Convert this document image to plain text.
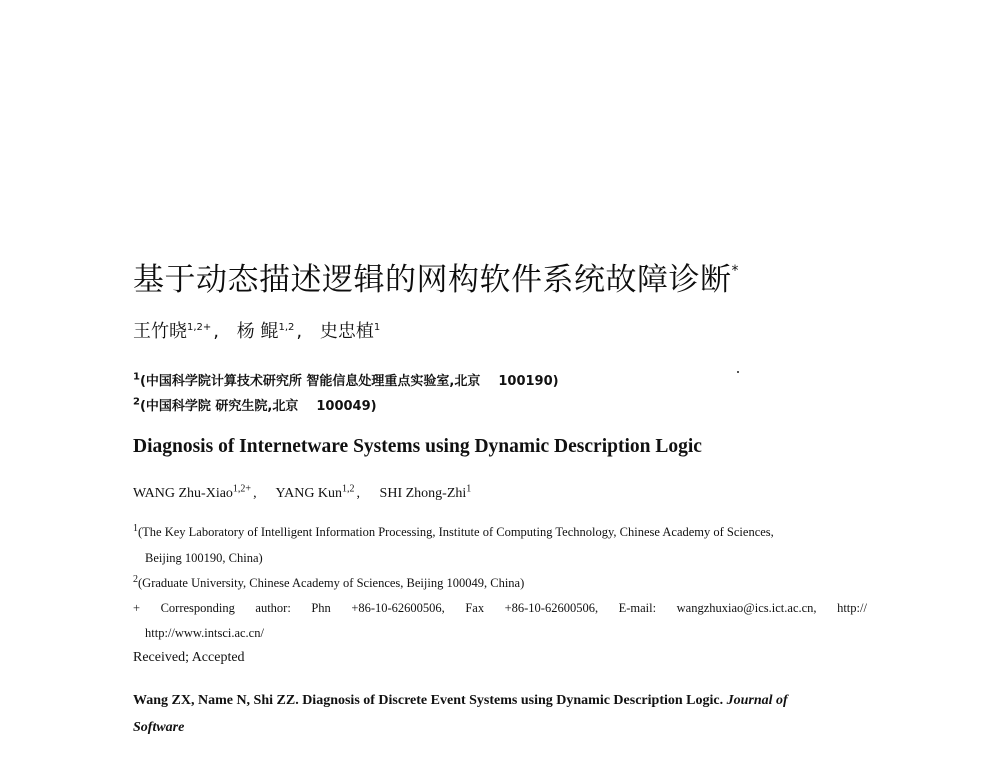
基于动态描述逻辑的网构软件系统故障诊断*
王竹晓$^{1,2+}$ , 杨 鲲$^{1,2}$ , 史忠植$^1$
$^1$(中国科学院计算技术研究所 智能信息处理重点实验室,北京 100190)
$^2$(中国科学院 研究生院,北京 100049)
Diagnosis of Internetware Systems using Dynamic Description Logic
WANG Zhu-Xiao$^{1,2+}$ , YANG Kun$^{1,2}$ , SHI Zhong-Zhi$^1$
$^1$(The Key Laboratory of Intelligent Information Processing, Institute of Computing Technology, Chinese Academy of Sciences,
Beijing 100190, China)
$^2$(Graduate University, Chinese Academy of Sciences, Beijing 100049, China)
+ Corresponding author: Phn +86-10-62600506, Fax +86-10-62600506, E-mail: wangzhuxiao@ics.ict.ac.cn, http://
http://www.intsci.ac.cn/
Received; Accepted
Wang ZX, Name N, Shi ZZ. Diagnosis of Discrete Event Systems using Dynamic Description Logic. Journal of
Software
